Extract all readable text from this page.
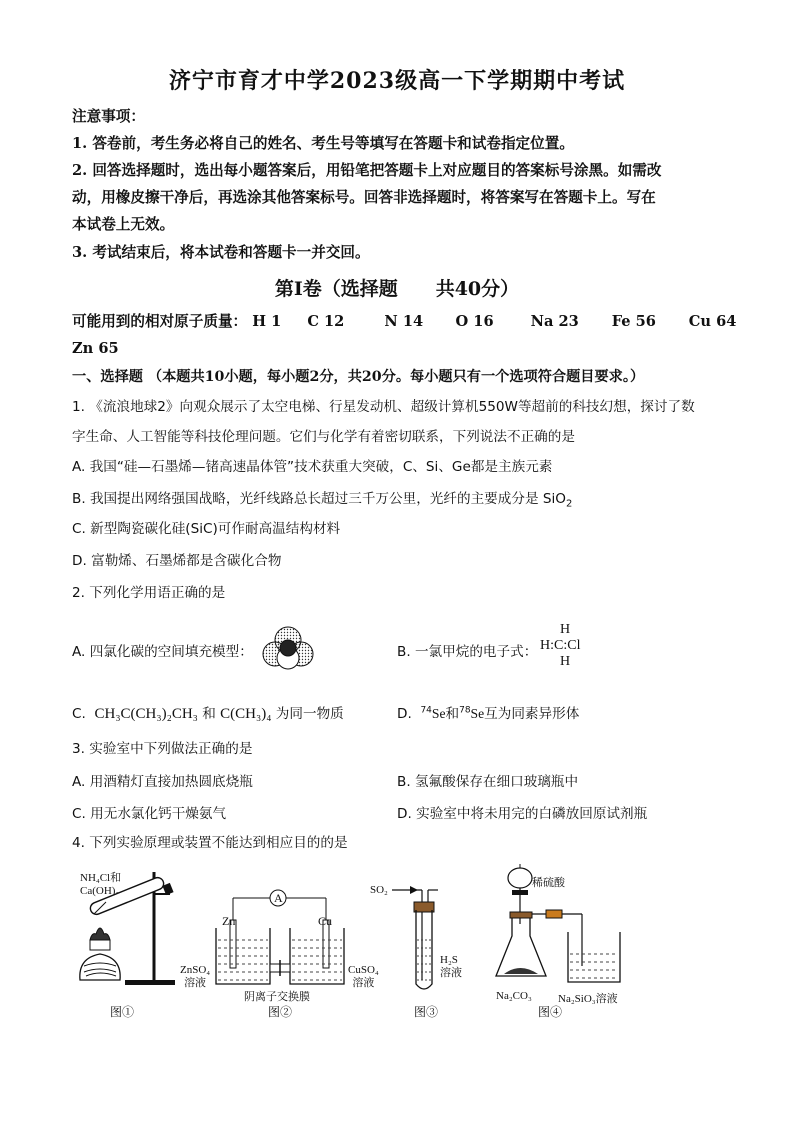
济宁市育才中学2023级高一下学期期中考试
注意事项：
1. 答卷前，考生务必将自己的姓名、考生号等填写在答题卡和试卷指定位置。
2. 回答选择题时，选出每小题答案后，用铅笔把答题卡上对应题目的答案标号涂黑。如需改
动，用橡皮擦干净后，再选涂其他答案标号。回答非选择题时，将答案写在答题卡上。写在
本试卷上无效。
3. 考试结束后，将本试卷和答题卡一并交回。
第Ⅰ卷（选择题　　共40分）
可能用到的相对原子质量： H 1 C 12	N 14 O 16	Na 23 Fe 56 Cu 64
Zn 65
一、选择题 （本题共10小题，每小题2分，共20分。每小题只有一个选项符合题目要求。）
1. 《流浪地球2》向观众展示了太空电梯、行星发动机、超级计算机550W等超前的科技幻想，探讨了数
字生命、人工智能等科技伦理问题。它们与化学有着密切联系，下列说法不正确的是
A. 我国“硅—石墨烯—锗高速晶体管”技术获重大突破，C、Si、Ge都是主族元素
B. 我国提出网络强国战略，光纤线路总长超过三千万公里，光纤的主要成分是 SiO$_2$
C. 新型陶瓷碳化硅(SiC)可作耐高温结构材料
D. 富勒烯、石墨烯都是含碳化合物
2. 下列化学用语正确的是
A. 四氯化碳的空间填充模型：	B. 一氯甲烷的电子式：
H
H:C:Cl
H
C. CH₃C(CH₃)₂CH₃ 和 C(CH₃)₄ 为同一物质	D. $^{74}$Se和$^{78}$Se互为同素异形体
3. 实验室中下列做法正确的是
A. 用酒精灯直接加热圆底烧瓶	B. 氢氟酸保存在细口玻璃瓶中
C. 用无水氯化钙干燥氨气	D. 实验室中将未用完的白磷放回原试剂瓶
4. 下列实验原理或装置不能达到相应目的的是
NH₄Cl和
Ca(OH)₂
图①
A
Zn	Cu
ZnSO₄
溶液
CuSO₄
溶液
阴离子交换膜
图②
SO₂
H₂S
溶液
图③
稀硫酸
Na₂CO₃ Na₂SiO₃溶液
图④
